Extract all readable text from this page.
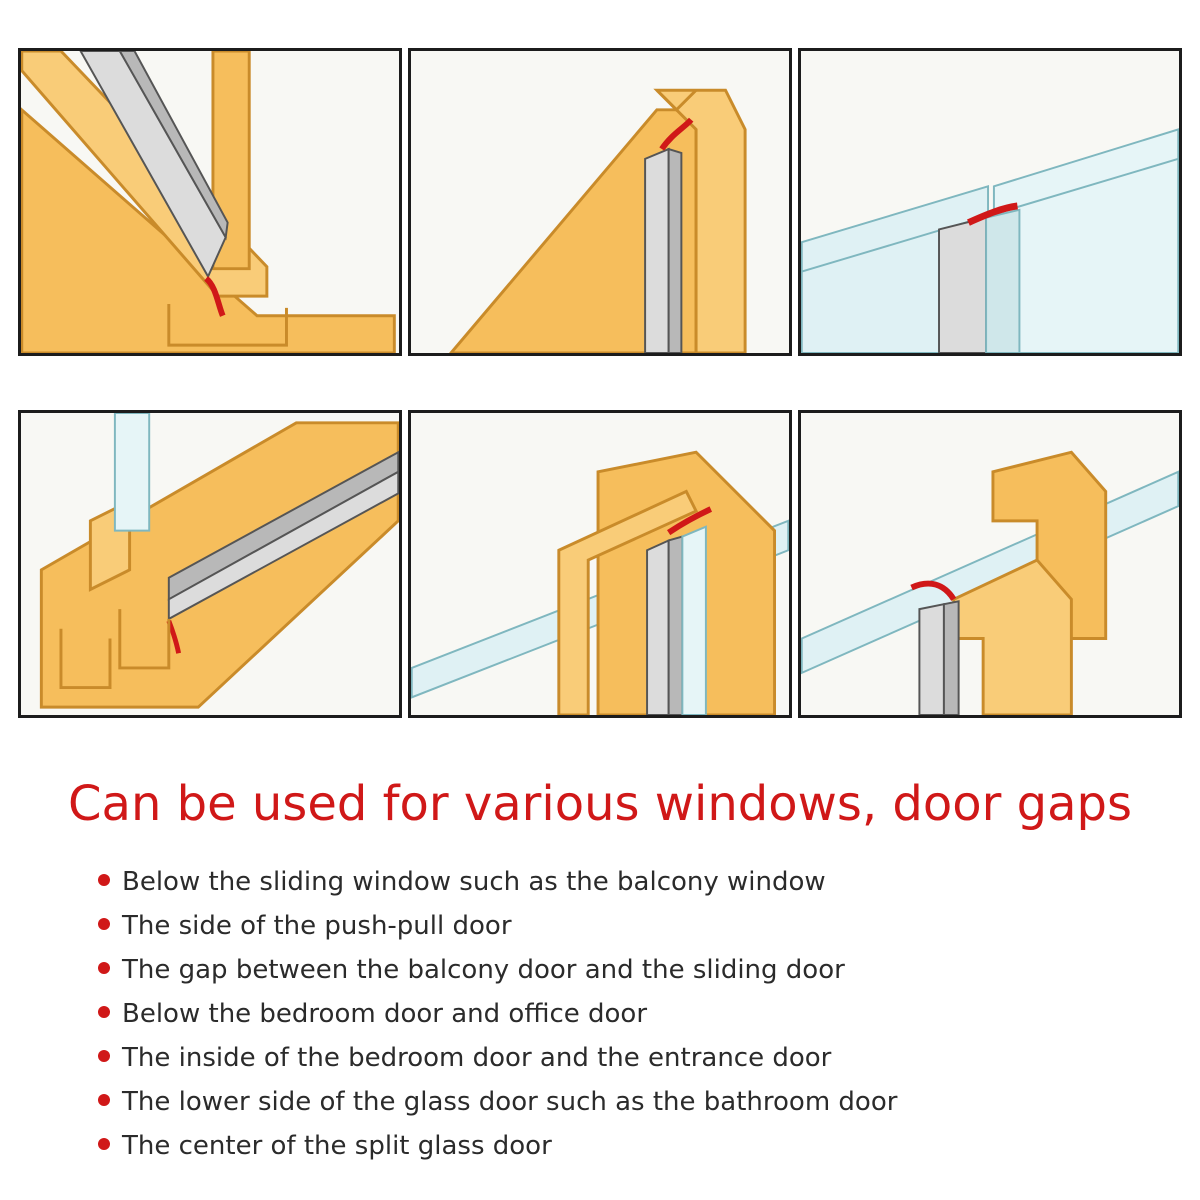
Can be used for various windows, door gaps
Below the sliding window such as the balcony window
The side of the push-pull door
The gap between the balcony door and the sliding door
Below the bedroom door and office door
The inside of the bedroom door and the entrance door
The lower side of the glass door such as the bathroom door
The center of the split glass door
